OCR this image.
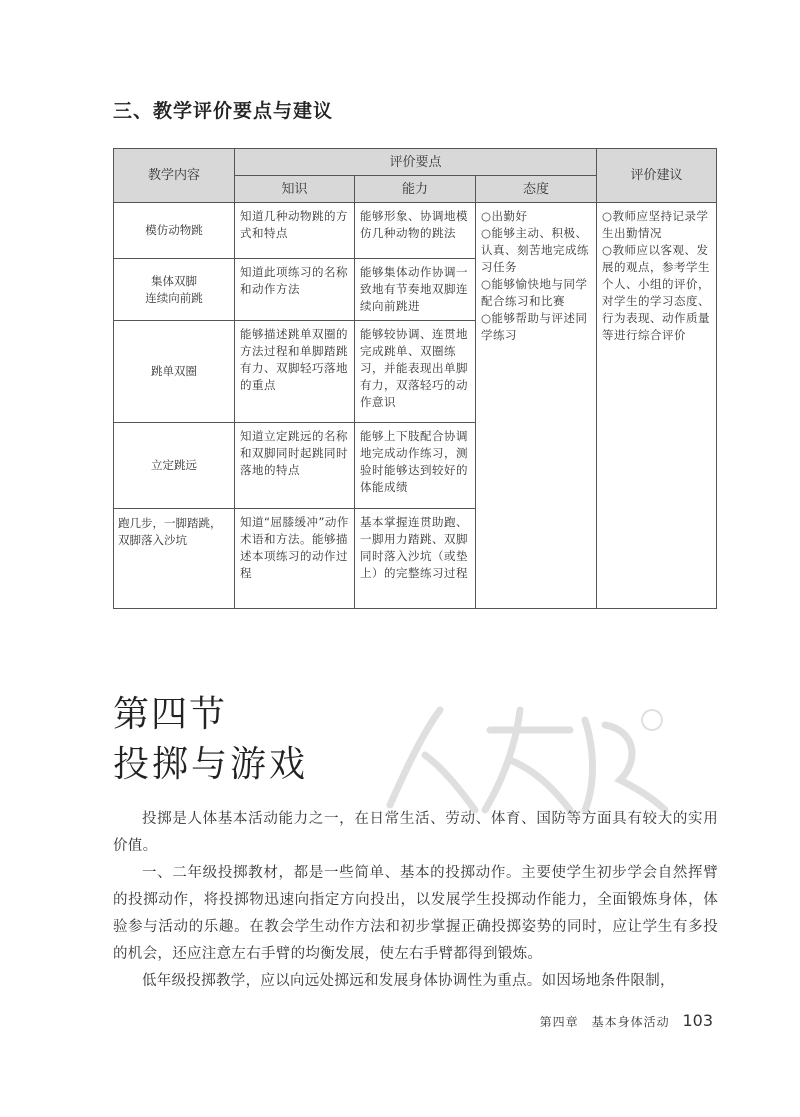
三、教学评价要点与建议
教学内容	评价要点			评价建议
	知识	能力	态度	

模仿动物跳	知道几种动物跳的方式和特点	能够形象、协调地模仿几种动物的跳法	○出勤好
○能够主动、积极、认真、刻苦地完成练习任务
○能够愉快地与同学配合练习和比赛
○能够帮助与评述同学练习	○教师应坚持记录学生出勤情况
○教师应以客观、发展的观点，参考学生个人、小组的评价，对学生的学习态度、行为表现、动作质量等进行综合评价

集体双脚
连续向前跳	知道此项练习的名称和动作方法	能够集体动作协调一致地有节奏地双脚连续向前跳进		

跳单双圈	能够描述跳单双圈的方法过程和单脚踏跳有力、双脚轻巧落地的重点	能够较协调、连贯地完成跳单、双圈练习，并能表现出单脚有力，双落轻巧的动作意识		

立定跳远	知道立定跳远的名称和双脚同时起跳同时落地的特点	能够上下肢配合协调地完成动作练习，测验时能够达到较好的体能成绩		

跑几步，一脚踏跳，
双脚落入沙坑	知道“屈膝缓冲”动作术语和方法。能够描述本项练习的动作过程	基本掌握连贯助跑、一脚用力踏跳、双脚同时落入沙坑（或垫上）的完整练习过程		
第四节
投掷与游戏

投掷是人体基本活动能力之一，在日常生活、劳动、体育、国防等方面具有较大的实用价值。

一、二年级投掷教材，都是一些简单、基本的投掷动作。主要使学生初步学会自然挥臂的投掷动作，将投掷物迅速向指定方向投出，以发展学生投掷动作能力，全面锻炼身体，体验参与活动的乐趣。在教会学生动作方法和初步掌握正确投掷姿势的同时，应让学生有多投的机会，还应注意左右手臂的均衡发展，使左右手臂都得到锻炼。

低年级投掷教学，应以向远处掷远和发展身体协调性为重点。如因场地条件限制，

第四章　基本身体活动 103
